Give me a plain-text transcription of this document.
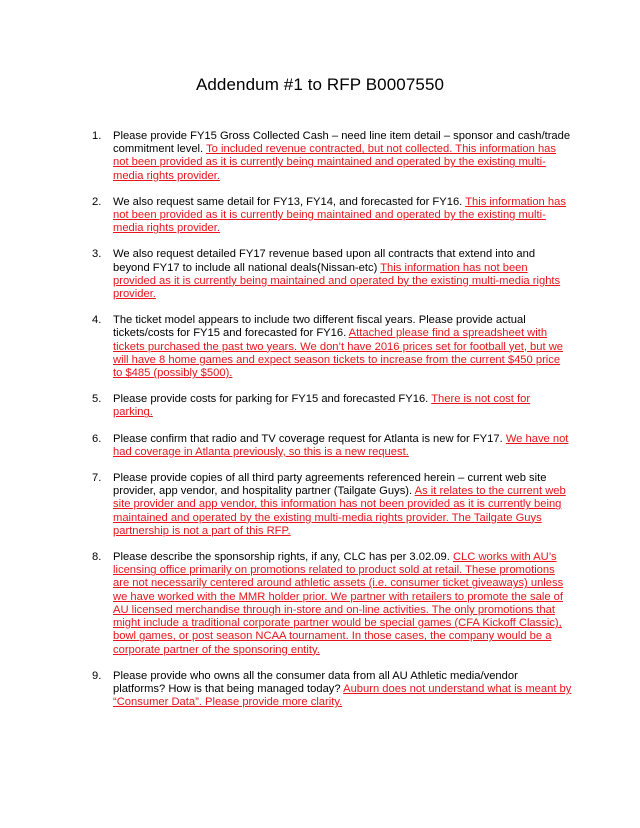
Addendum #1 to RFP B0007550
1.	Please provide FY15 Gross Collected Cash – need line item detail – sponsor and cash/trade commitment level. To included revenue contracted, but not collected. This information has not been provided as it is currently being maintained and operated by the existing multi-media rights provider.
2.	We also request same detail for FY13, FY14, and forecasted for FY16. This information has not been provided as it is currently being maintained and operated by the existing multi-media rights provider.
3.	We also request detailed FY17 revenue based upon all contracts that extend into and beyond FY17 to include all national deals(Nissan-etc) This information has not been provided as it is currently being maintained and operated by the existing multi-media rights provider.
4.	The ticket model appears to include two different fiscal years. Please provide actual tickets/costs for FY15 and forecasted for FY16. Attached please find a spreadsheet with tickets purchased the past two years. We don’t have 2016 prices set for football yet, but we will have 8 home games and expect season tickets to increase from the current $450 price to $485 (possibly $500).
5.	Please provide costs for parking for FY15 and forecasted FY16. There is not cost for parking.
6.	Please confirm that radio and TV coverage request for Atlanta is new for FY17. We have not had coverage in Atlanta previously, so this is a new request.
7.	Please provide copies of all third party agreements referenced herein – current web site provider, app vendor, and hospitality partner (Tailgate Guys). As it relates to the current web site provider and app vendor, this information has not been provided as it is currently being maintained and operated by the existing multi-media rights provider. The Tailgate Guys partnership is not a part of this RFP.
8.	Please describe the sponsorship rights, if any, CLC has per 3.02.09. CLC works with AU’s licensing office primarily on promotions related to product sold at retail. These promotions are not necessarily centered around athletic assets (i.e. consumer ticket giveaways) unless we have worked with the MMR holder prior. We partner with retailers to promote the sale of AU licensed merchandise through in-store and on-line activities. The only promotions that might include a traditional corporate partner would be special games (CFA Kickoff Classic), bowl games, or post season NCAA tournament. In those cases, the company would be a corporate partner of the sponsoring entity.
9.	Please provide who owns all the consumer data from all AU Athletic media/vendor platforms? How is that being managed today? Auburn does not understand what is meant by “Consumer Data”. Please provide more clarity.
